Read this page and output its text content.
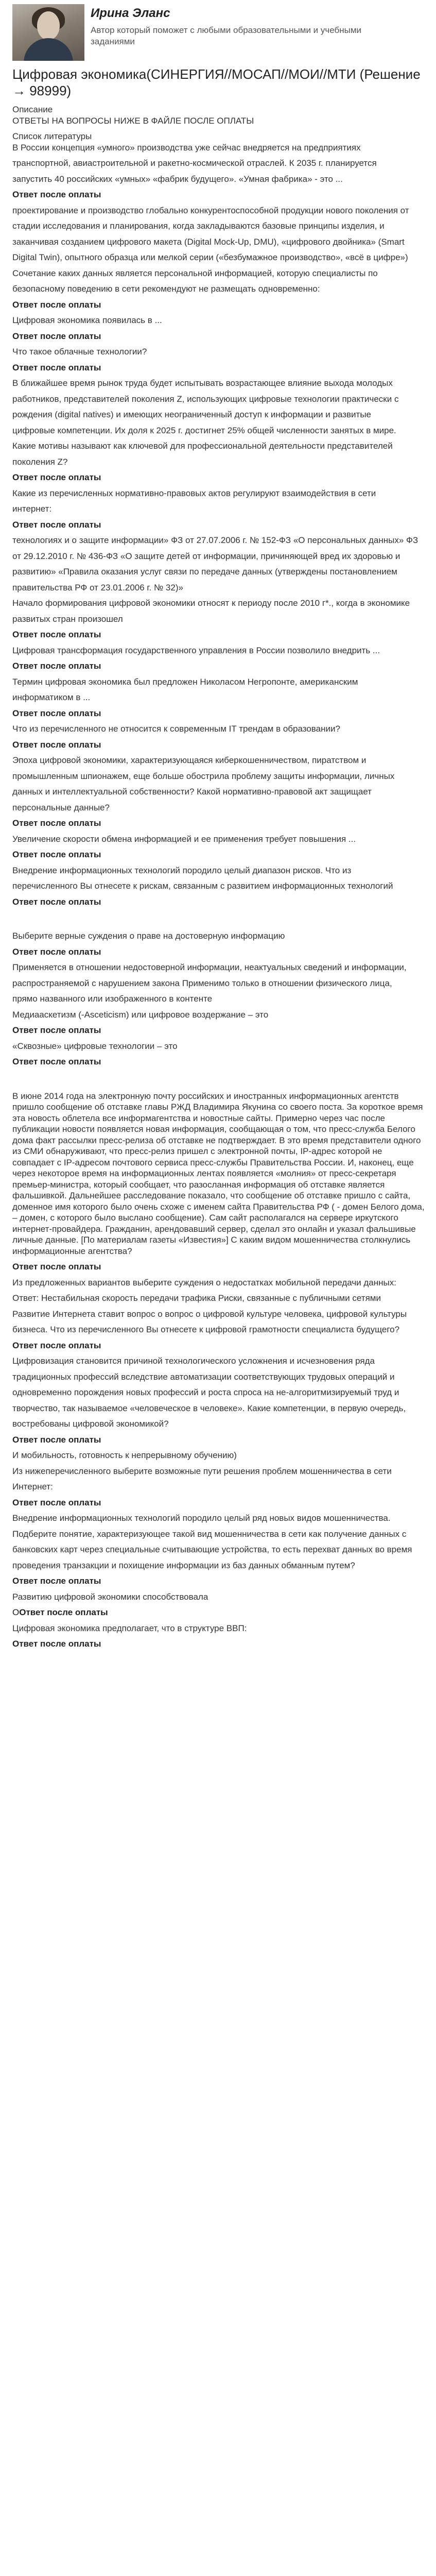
Ирина Эланс
Автор который поможет с любыми образовательными и учебными заданиями
Цифровая экономика(СИНЕРГИЯ//МОСАП//МОИ//МТИ (Решение → 98999)
Описание
ОТВЕТЫ НА ВОПРОСЫ НИЖЕ В ФАЙЛЕ ПОСЛЕ ОПЛАТЫ
Список литературы
В России концепция «умного» производства уже сейчас внедряется на предприятиях
транспортной, авиастроительной и ракетно-космической отраслей. К 2035 г. планируется
запустить 40 российских «умных» «фабрик будущего». «Умная фабрика» - это ...
Ответ после оплаты
проектирование и производство глобально конкурентоспособной продукции нового поколения от
стадии исследования и планирования, когда закладываются базовые принципы изделия, и
заканчивая созданием цифрового макета (Digital Mock-Up, DMU), «цифрового двойника» (Smart
Digital Twin), опытного образца или мелкой серии («безбумажное производство», «всё в цифре»)
Сочетание каких данных является персональной информацией, которую специалисты по
безопасному поведению в сети рекомендуют не размещать одновременно:
Ответ после оплаты
Цифровая экономика появилась в ...
Ответ после оплаты
Что такое облачные технологии?
Ответ после оплаты
В ближайшее время рынок труда будет испытывать возрастающее влияние выхода молодых
работников, представителей поколения Z, использующих цифровые технологии практически с
рождения (digital natives) и имеющих неограниченный доступ к информации и развитые
цифровые компетенции. Их доля к 2025 г. достигнет 25% общей численности занятых в мире.
Какие мотивы называют как ключевой для профессиональной деятельности представителей
поколения Z?
Ответ после оплаты
Какие из перечисленных нормативно-правовых актов регулируют взаимодействия в сети
интернет:
Ответ после оплаты
технологиях и о защите информации» ФЗ от 27.07.2006 г. № 152-ФЗ «О персональных данных» ФЗ
от 29.12.2010 г. № 436-ФЗ «О защите детей от информации, причиняющей вред их здоровью и
развитию» «Правила оказания услуг связи по передаче данных (утверждены постановлением
правительства РФ от 23.01.2006 г. № 32)»
Начало формирования цифровой экономики относят к периоду после 2010 г*., когда в экономике
развитых стран произошел
Ответ после оплаты
Цифровая трансформация государственного управления в России позволило внедрить ...
Ответ после оплаты
Термин цифровая экономика был предложен Николасом Негропонте, американским
информатиком в ...
Ответ после оплаты
Что из перечисленного не относится к современным IT трендам в образовании?
Ответ после оплаты
Эпоха цифровой экономики, характеризующаяся киберкошенничеством, пиратством и
промышленным шпионажем, еще больше обострила проблему защиты информации, личных
данных и интеллектуальной собственности? Какой нормативно-правовой акт защищает
персональные данные?
Ответ после оплаты
Увеличение скорости обмена информацией и ее применения требует повышения ...
Ответ после оплаты
Внедрение информационных технологий породило целый диапазон рисков. Что из
перечисленного Вы отнесете к рискам, связанным с развитием информационных технологий
Ответ после оплаты
Выберите верные суждения о праве на достоверную информацию
Ответ после оплаты
Применяется в отношении недостоверной информации, неактуальных сведений и информации,
распространяемой с нарушением закона Применимо только в отношении физического лица,
прямо названного или изображенного в контенте
Медиааскетизм (-Asceticism) или цифровое воздержание – это
Ответ после оплаты
«Сквозные» цифровые технологии – это
Ответ после оплаты
В июне 2014 года на электронную почту российских и иностранных информационных агентств пришло сообщение об отставке главы РЖД Владимира Якунина со своего поста. За короткое время эта новость облетела все информагентства и новостные сайты. Примерно через час после публикации новости появляется новая информация, сообщающая о том, что пресс-служба Белого дома факт рассылки пресс-релиза об отставке не подтверждает. В это время представители одного из СМИ обнаруживают, что пресс-релиз пришел с электронной почты, IP-адрес которой не совпадает с IP-адресом почтового сервиса пресс-службы Правительства России. И, наконец, еще через некоторое время на информационных лентах появляется «молния» от пресс-секретаря премьер-министра, который сообщает, что разосланная информация об отставке является фальшивкой. Дальнейшее расследование показало, что сообщение об отставке пришло с сайта, доменное имя которого было очень схоже с именем сайта Правительства РФ ( - домен Белого дома, – домен, с которого было выслано сообщение). Сам сайт располагался на сервере иркутского интернет-провайдера. Гражданин, арендовавший сервер, сделал это онлайн и указал фальшивые личные данные. [По материалам газеты «Известия»] С каким видом мошенничества столкнулись информационные агентства?
Ответ после оплаты
Из предложенных вариантов выберите суждения о недостатках мобильной передачи данных:
Ответ: Нестабильная скорость передачи трафика Риски, связанные с публичными сетями
Развитие Интернета ставит вопрос о вопрос о цифровой культуре человека, цифровой культуры
бизнеса. Что из перечисленного Вы отнесете к цифровой грамотности специалиста будущего?
Ответ после оплаты
Цифровизация становится причиной технологического усложнения и исчезновения ряда
традиционных профессий вследствие автоматизации соответствующих трудовых операций и
одновременно порождения новых профессий и роста спроса на не-алгоритмизируемый труд и
творчество, так называемое «человеческое в человеке». Какие компетенции, в первую очередь,
востребованы цифровой экономикой?
Ответ после оплаты
И мобильность, готовность к непрерывному обучению)
Из нижеперечисленного выберите возможные пути решения проблем мошенничества в сети
Интернет:
Ответ после оплаты
Внедрение информационных технологий породило целый ряд новых видов мошенничества.
Подберите понятие, характеризующее такой вид мошенничества в сети как получение данных с
банковских карт через специальные считывающие устройства, то есть перехват данных во время
проведения транзакции и похищение информации из баз данных обманным путем?
Ответ после оплаты
Развитию цифровой экономики способствовала
ООтвет после оплаты
Цифровая экономика предполагает, что в структуре ВВП:
Ответ после оплаты
